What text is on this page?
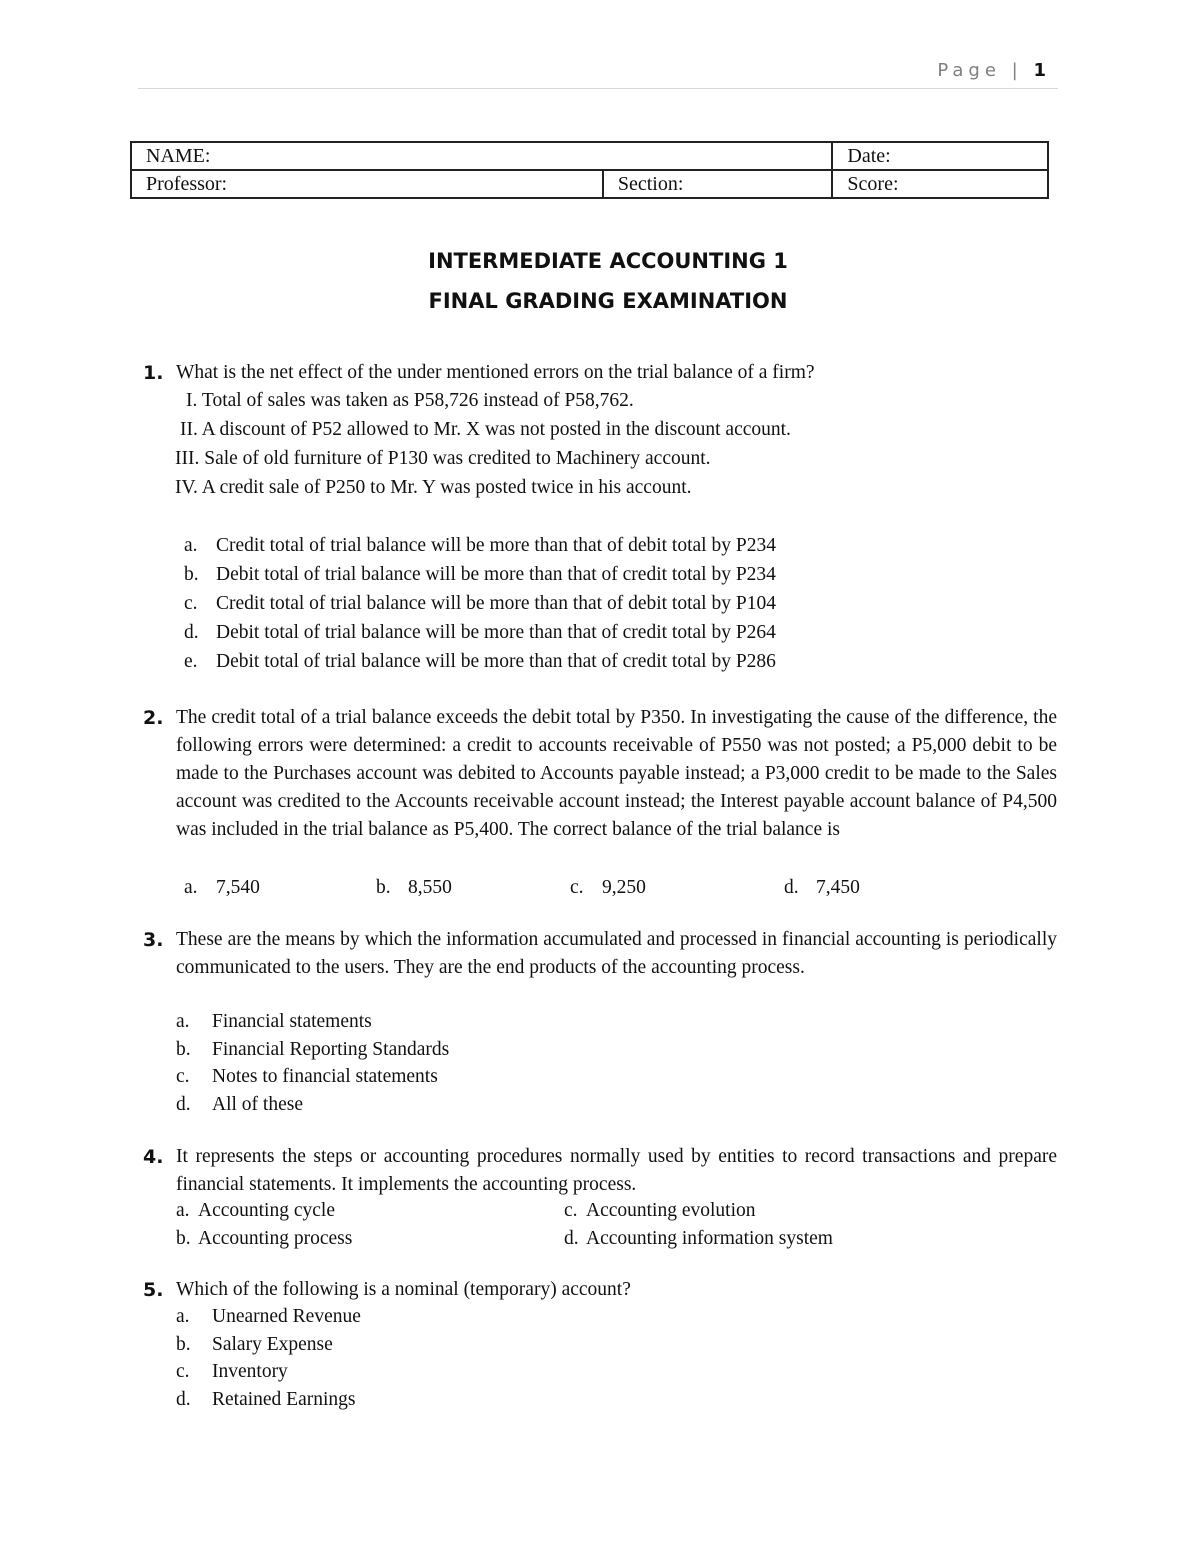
Page | 1
NAME:		Date:
Professor:	Section:	Score:
INTERMEDIATE ACCOUNTING 1
FINAL GRADING EXAMINATION
1. What is the net effect of the under mentioned errors on the trial balance of a firm?
I. Total of sales was taken as P58,726 instead of P58,762.
II. A discount of P52 allowed to Mr. X was not posted in the discount account.
III. Sale of old furniture of P130 was credited to Machinery account.
IV. A credit sale of P250 to Mr. Y was posted twice in his account.
a. Credit total of trial balance will be more than that of debit total by P234
b. Debit total of trial balance will be more than that of credit total by P234
c. Credit total of trial balance will be more than that of debit total by P104
d. Debit total of trial balance will be more than that of credit total by P264
e. Debit total of trial balance will be more than that of credit total by P286
2. The credit total of a trial balance exceeds the debit total by P350. In investigating the cause of the difference, the following errors were determined: a credit to accounts receivable of P550 was not posted; a P5,000 debit to be made to the Purchases account was debited to Accounts payable instead; a P3,000 credit to be made to the Sales account was credited to the Accounts receivable account instead; the Interest payable account balance of P4,500 was included in the trial balance as P5,400. The correct balance of the trial balance is
a. 7,540	b. 8,550	c. 9,250	d. 7,450
3. These are the means by which the information accumulated and processed in financial accounting is periodically communicated to the users. They are the end products of the accounting process.
a. Financial statements
b. Financial Reporting Standards
c. Notes to financial statements
d. All of these
4. It represents the steps or accounting procedures normally used by entities to record transactions and prepare financial statements. It implements the accounting process.
a. Accounting cycle	c. Accounting evolution
b. Accounting process	d. Accounting information system
5. Which of the following is a nominal (temporary) account?
a. Unearned Revenue
b. Salary Expense
c. Inventory
d. Retained Earnings
